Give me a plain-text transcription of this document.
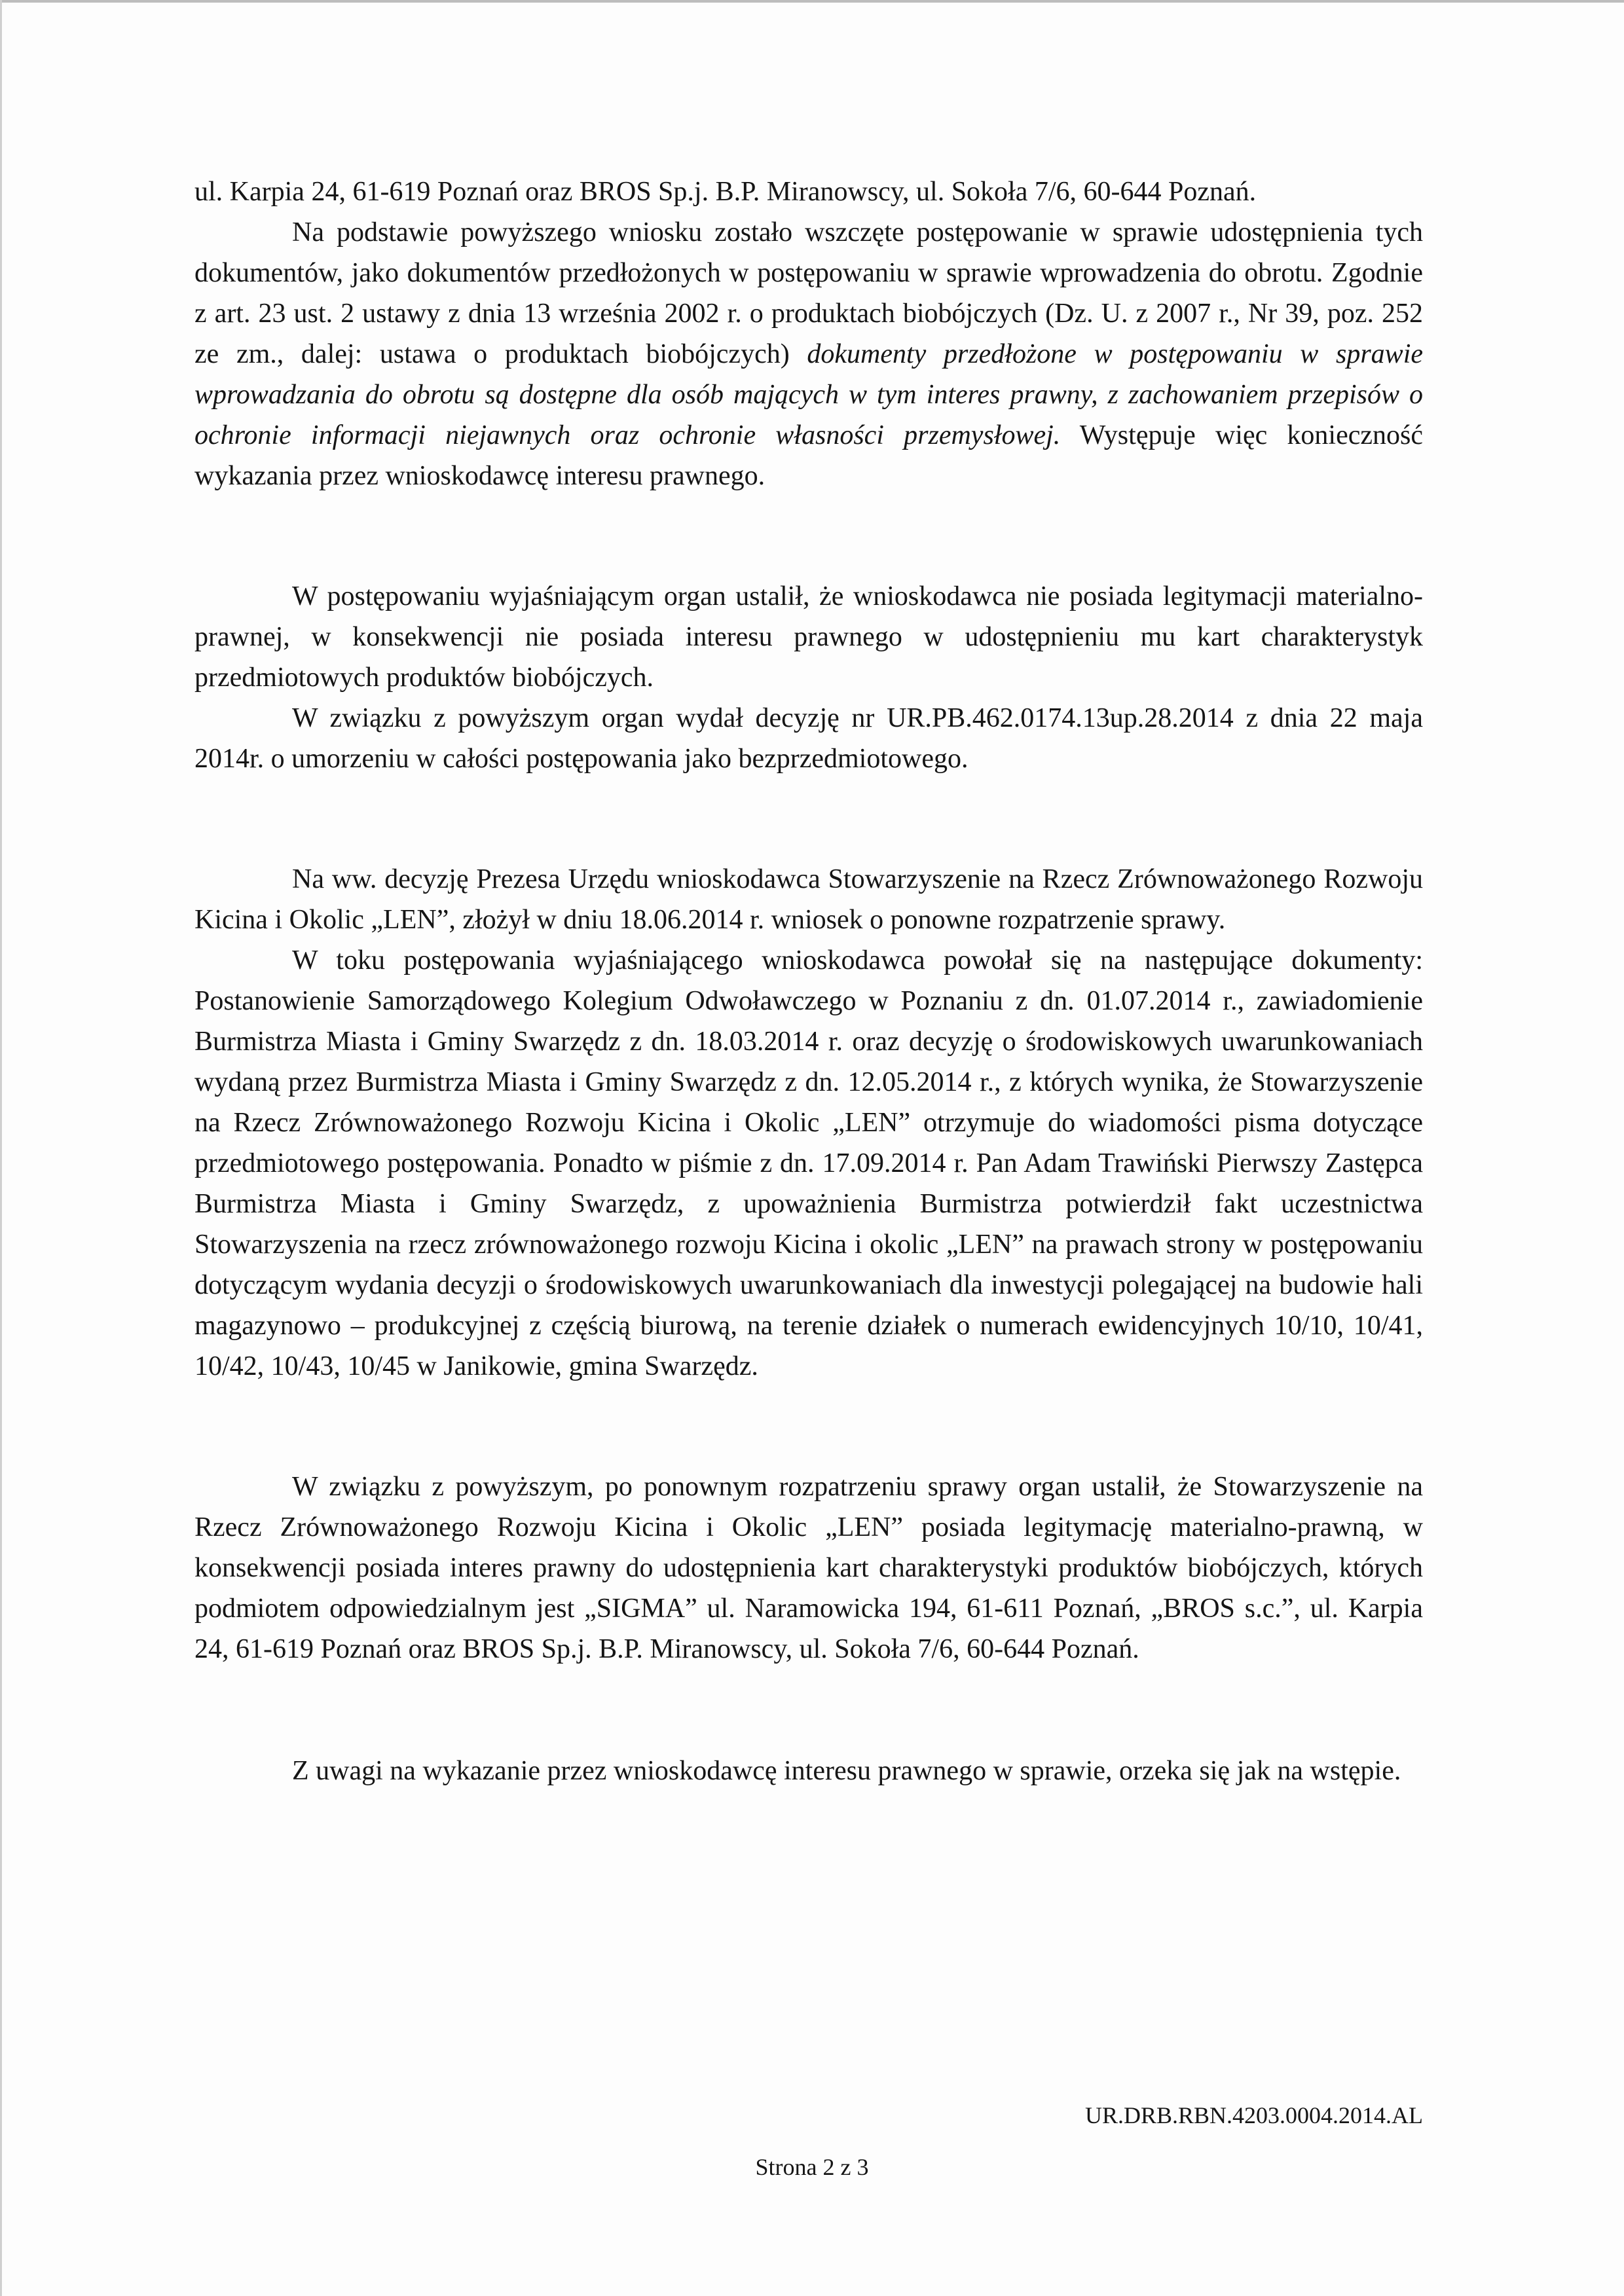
ul. Karpia 24, 61-619 Poznań oraz BROS Sp.j. B.P. Miranowscy, ul. Sokoła 7/6, 60-644 Poznań.

Na podstawie powyższego wniosku zostało wszczęte postępowanie w sprawie udostępnienia tych dokumentów, jako dokumentów przedłożonych w postępowaniu w sprawie wprowadzenia do obrotu. Zgodnie z art. 23 ust. 2 ustawy z dnia 13 września 2002 r. o produktach biobójczych (Dz. U. z 2007 r., Nr 39, poz. 252 ze zm., dalej: ustawa o produktach biobójczych) dokumenty przedłożone w postępowaniu w sprawie wprowadzania do obrotu są dostępne dla osób mających w tym interes prawny, z zachowaniem przepisów o ochronie informacji niejawnych oraz ochronie własności przemysłowej. Występuje więc konieczność wykazania przez wnioskodawcę interesu prawnego.

W postępowaniu wyjaśniającym organ ustalił, że wnioskodawca nie posiada legitymacji materialno-prawnej, w konsekwencji nie posiada interesu prawnego w udostępnieniu mu kart charakterystyk przedmiotowych produktów biobójczych.

W związku z powyższym organ wydał decyzję nr UR.PB.462.0174.13up.28.2014 z dnia 22 maja 2014r. o umorzeniu w całości postępowania jako bezprzedmiotowego.

Na ww. decyzję Prezesa Urzędu wnioskodawca Stowarzyszenie na Rzecz Zrównoważonego Rozwoju Kicina i Okolic „LEN”, złożył w dniu 18.06.2014 r. wniosek o ponowne rozpatrzenie sprawy.

W toku postępowania wyjaśniającego wnioskodawca powołał się na następujące dokumenty: Postanowienie Samorządowego Kolegium Odwoławczego w Poznaniu z dn. 01.07.2014 r., zawiadomienie Burmistrza Miasta i Gminy Swarzędz z dn. 18.03.2014 r. oraz decyzję o środowiskowych uwarunkowaniach wydaną przez Burmistrza Miasta i Gminy Swarzędz z dn. 12.05.2014 r., z których wynika, że Stowarzyszenie na Rzecz Zrównoważonego Rozwoju Kicina i Okolic „LEN” otrzymuje do wiadomości pisma dotyczące przedmiotowego postępowania. Ponadto w piśmie z dn. 17.09.2014 r. Pan Adam Trawiński Pierwszy Zastępca Burmistrza Miasta i Gminy Swarzędz, z upoważnienia Burmistrza potwierdził fakt uczestnictwa Stowarzyszenia na rzecz zrównoważonego rozwoju Kicina i okolic „LEN” na prawach strony w postępowaniu dotyczącym wydania decyzji o środowiskowych uwarunkowaniach dla inwestycji polegającej na budowie hali magazynowo – produkcyjnej z częścią biurową, na terenie działek o numerach ewidencyjnych 10/10, 10/41, 10/42, 10/43, 10/45 w Janikowie, gmina Swarzędz.

W związku z powyższym, po ponownym rozpatrzeniu sprawy organ ustalił, że Stowarzyszenie na Rzecz Zrównoważonego Rozwoju Kicina i Okolic „LEN” posiada legitymację materialno-prawną, w konsekwencji posiada interes prawny do udostępnienia kart charakterystyki produktów biobójczych, których podmiotem odpowiedzialnym jest „SIGMA” ul. Naramowicka 194, 61-611 Poznań, „BROS s.c.”, ul. Karpia 24, 61-619 Poznań oraz BROS Sp.j. B.P. Miranowscy, ul. Sokoła 7/6, 60-644 Poznań.

Z uwagi na wykazanie przez wnioskodawcę interesu prawnego w sprawie, orzeka się jak na wstępie.

UR.DRB.RBN.4203.0004.2014.AL
Strona 2 z 3
